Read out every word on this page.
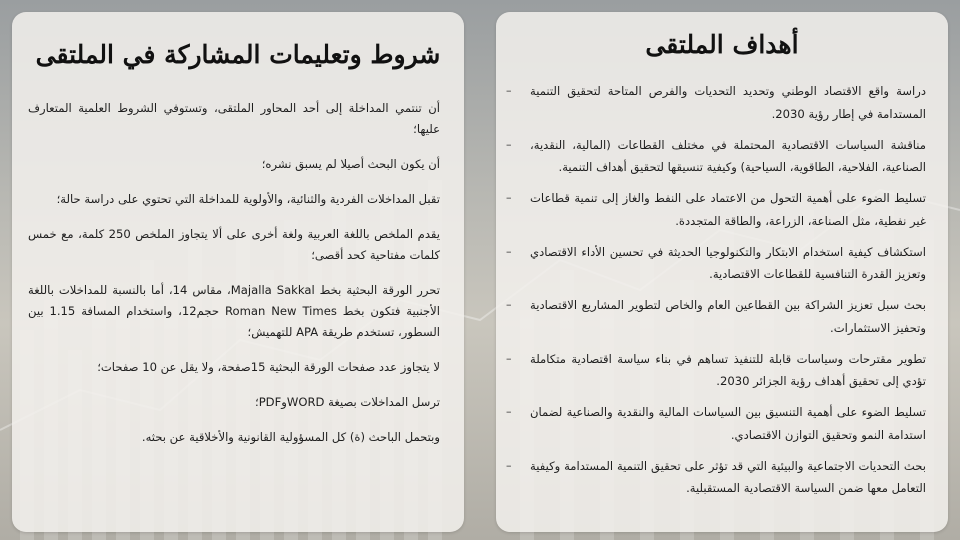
أهداف الملتقى
– دراسة واقع الاقتصاد الوطني وتحديد التحديات والفرص المتاحة لتحقيق التنمية المستدامة في إطار رؤية 2030.
– مناقشة السياسات الاقتصادية المحتملة في مختلف القطاعات (المالية، النقدية، الصناعية، الفلاحية، الطاقوية، السياحية) وكيفية تنسيقها لتحقيق أهداف التنمية.
– تسليط الضوء على أهمية التحول من الاعتماد على النفط والغاز إلى تنمية قطاعات غير نفطية، مثل الصناعة، الزراعة، والطاقة المتجددة.
– استكشاف كيفية استخدام الابتكار والتكنولوجيا الحديثة في تحسين الأداء الاقتصادي وتعزيز القدرة التنافسية للقطاعات الاقتصادية.
– بحث سبل تعزيز الشراكة بين القطاعين العام والخاص لتطوير المشاريع الاقتصادية وتحفيز الاستثمارات.
– تطوير مقترحات وسياسات قابلة للتنفيذ تساهم في بناء سياسة اقتصادية متكاملة تؤدي إلى تحقيق أهداف رؤية الجزائر 2030.
– تسليط الضوء على أهمية التنسيق بين السياسات المالية والنقدية والصناعية لضمان استدامة النمو وتحقيق التوازن الاقتصادي.
– بحث التحديات الاجتماعية والبيئية التي قد تؤثر على تحقيق التنمية المستدامة وكيفية التعامل معها ضمن السياسة الاقتصادية المستقبلية.
شروط وتعليمات المشاركة في الملتقى

أن تنتمي المداخلة إلى أحد المحاور الملتقى، وتستوفي الشروط العلمية المتعارف عليها؛

أن يكون البحث أصيلا لم يسبق نشره؛

تقبل المداخلات الفردية والثنائية، والأولوية للمداخلة التي تحتوي على دراسة حالة؛

يقدم الملخص باللغة العربية ولغة أخرى على ألا يتجاوز الملخص 250 كلمة، مع خمس كلمات مفتاحية كحد أقصى؛

تحرر الورقة البحثية بخط Majalla Sakkal، مقاس 14، أما بالنسبة للمداخلات باللغة الأجنبية فتكون بخط Roman New Times حجم12، واستخدام المسافة 1.15 بين السطور، تستخدم طريقة APA للتهميش؛

لا يتجاوز عدد صفحات الورقة البحثية 15صفحة، ولا يقل عن 10 صفحات؛

ترسل المداخلات بصيغة WORDوPDF؛

وبتحمل الباحث (ة) كل المسؤولية القانونية والأخلاقية عن بحثه.
